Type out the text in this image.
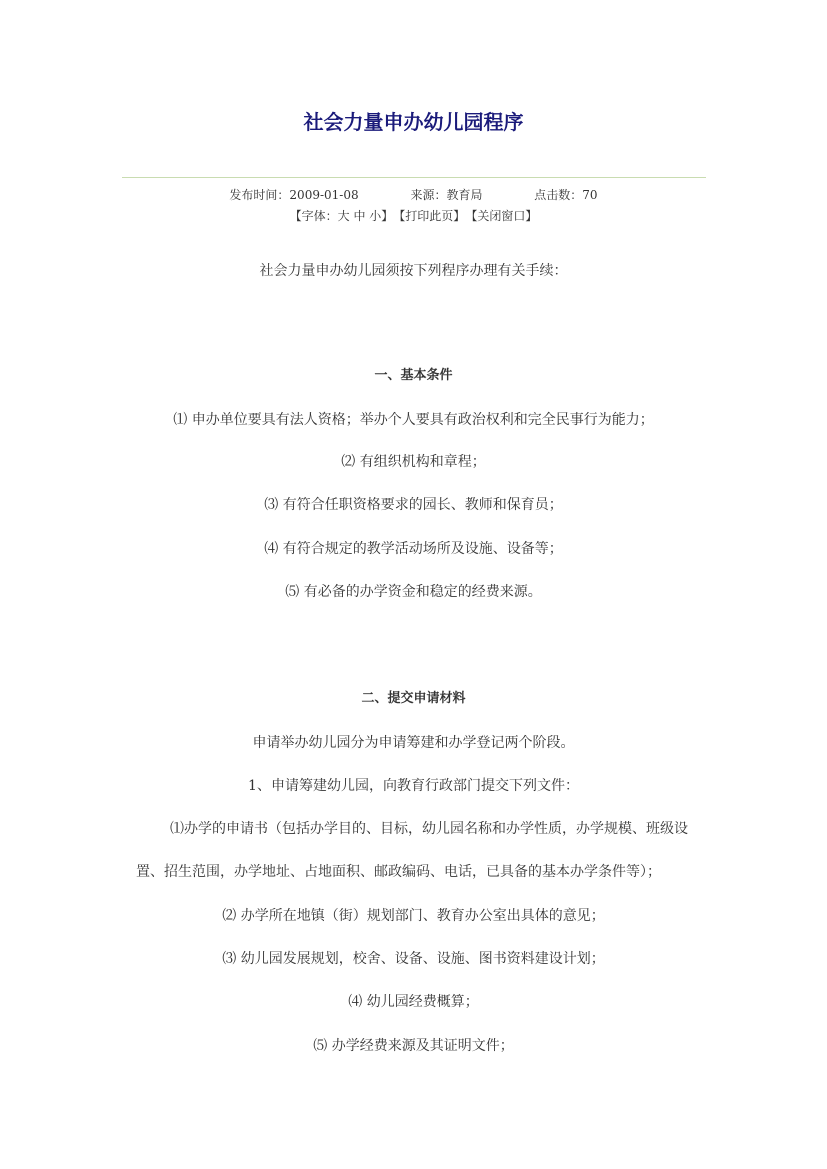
社会力量申办幼儿园程序
发布时间：2009-01-08	来源：教育局	点击数：70
【字体：大 中 小】 【打印此页】 【关闭窗口】
社会力量申办幼儿园须按下列程序办理有关手续：
一、基本条件
⑴ 申办单位要具有法人资格；举办个人要具有政治权利和完全民事行为能力；
⑵ 有组织机构和章程；
⑶ 有符合任职资格要求的园长、教师和保育员；
⑷ 有符合规定的教学活动场所及设施、设备等；
⑸ 有必备的办学资金和稳定的经费来源。
二、提交申请材料
申请举办幼儿园分为申请筹建和办学登记两个阶段。
1、申请筹建幼儿园，向教育行政部门提交下列文件：
⑴办学的申请书（包括办学目的、目标，幼儿园名称和办学性质，办学规模、班级设
置、招生范围，办学地址、占地面积、邮政编码、电话，已具备的基本办学条件等）；
⑵ 办学所在地镇（街）规划部门、教育办公室出具体的意见；
⑶ 幼儿园发展规划，校舍、设备、设施、图书资料建设计划；
⑷ 幼儿园经费概算；
⑸ 办学经费来源及其证明文件；
